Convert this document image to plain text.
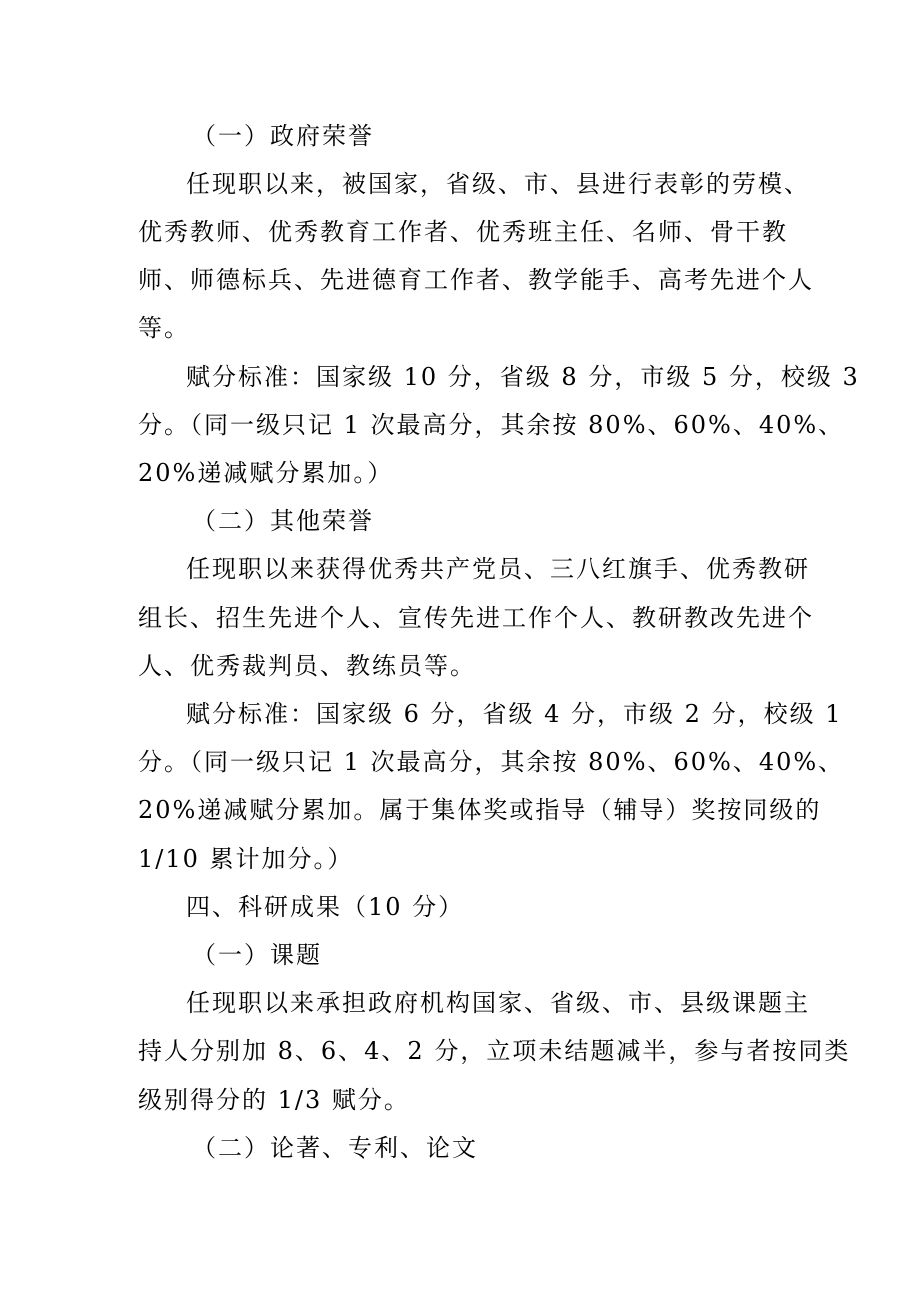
（一）政府荣誉
任现职以来，被国家，省级、市、县进行表彰的劳模、
优秀教师、优秀教育工作者、优秀班主任、名师、骨干教
师、师德标兵、先进德育工作者、教学能手、高考先进个人
等。
赋分标准：国家级 10 分，省级 8 分，市级 5 分，校级 3
分。（同一级只记 1 次最高分，其余按 80%、60%、40%、
20%递减赋分累加。）
（二）其他荣誉
任现职以来获得优秀共产党员、三八红旗手、优秀教研
组长、招生先进个人、宣传先进工作个人、教研教改先进个
人、优秀裁判员、教练员等。
赋分标准：国家级 6 分，省级 4 分，市级 2 分，校级 1
分。（同一级只记 1 次最高分，其余按 80%、60%、40%、
20%递减赋分累加。属于集体奖或指导（辅导）奖按同级的
1/10 累计加分。）
四、科研成果（10 分）
（一）课题
任现职以来承担政府机构国家、省级、市、县级课题主
持人分别加 8、6、4、2 分，立项未结题减半，参与者按同类
级别得分的 1/3 赋分。
（二）论著、专利、论文
